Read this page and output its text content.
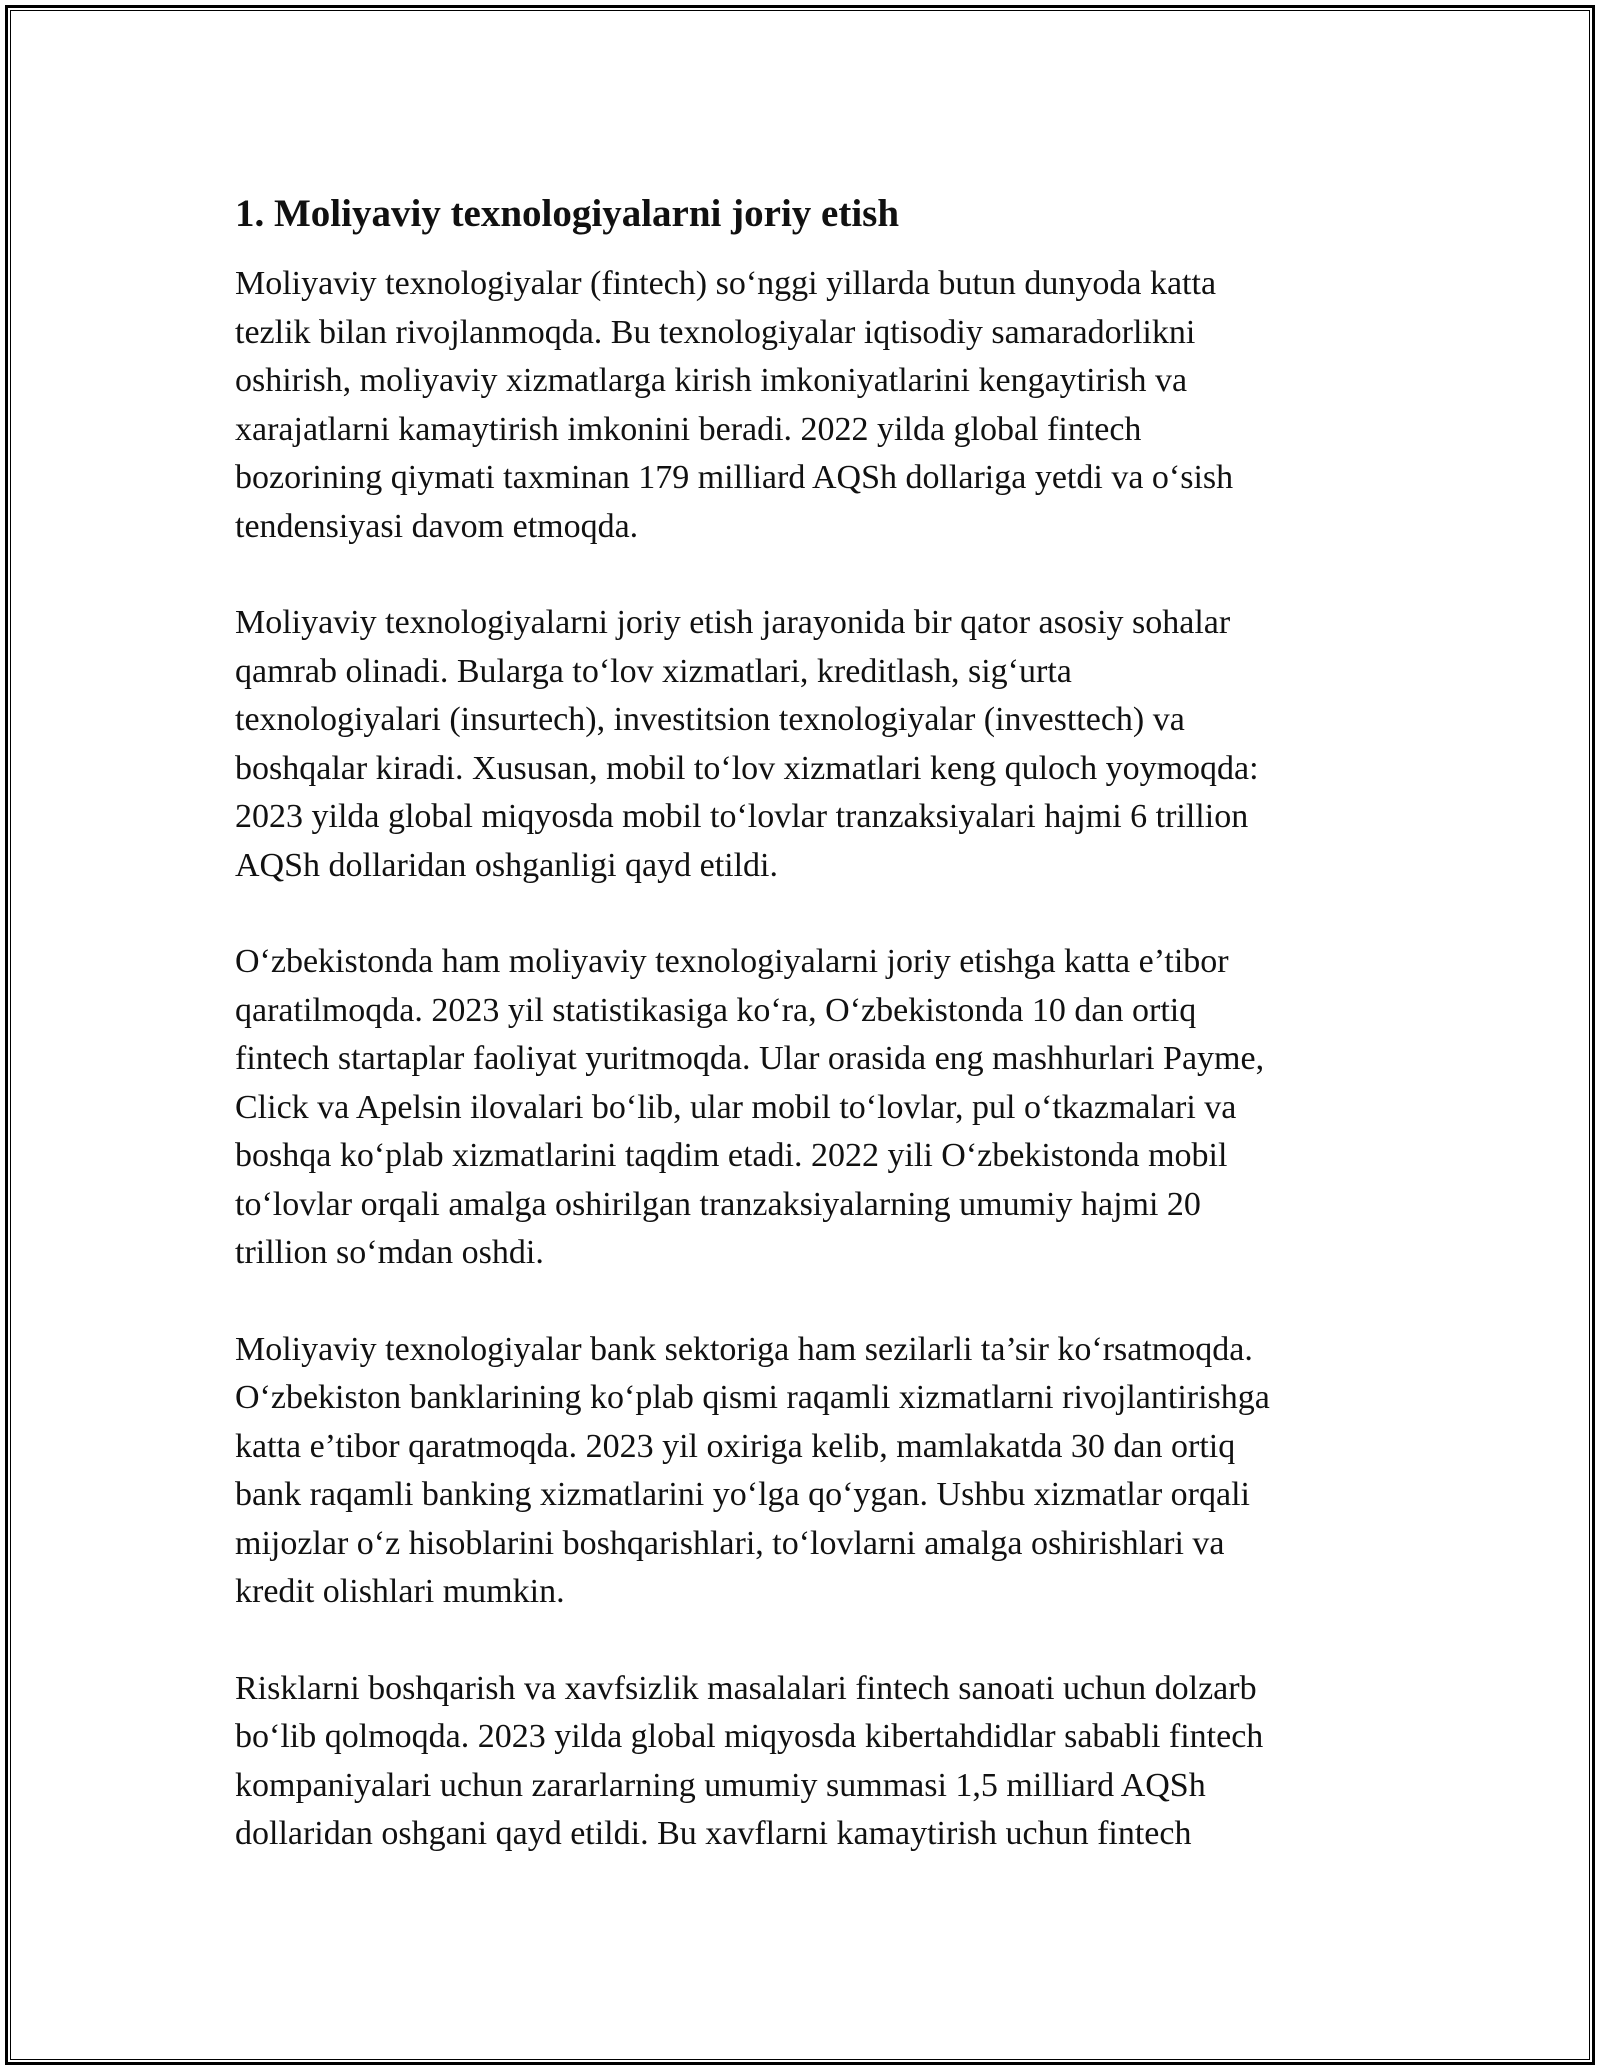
1. Moliyaviy texnologiyalarni joriy etish
Moliyaviy texnologiyalar (fintech) so‘nggi yillarda butun dunyoda katta
tezlik bilan rivojlanmoqda. Bu texnologiyalar iqtisodiy samaradorlikni
oshirish, moliyaviy xizmatlarga kirish imkoniyatlarini kengaytirish va
xarajatlarni kamaytirish imkonini beradi. 2022 yilda global fintech
bozorining qiymati taxminan 179 milliard AQSh dollariga yetdi va o‘sish
tendensiyasi davom etmoqda.
Moliyaviy texnologiyalarni joriy etish jarayonida bir qator asosiy sohalar
qamrab olinadi. Bularga to‘lov xizmatlari, kreditlash, sig‘urta
texnologiyalari (insurtech), investitsion texnologiyalar (investtech) va
boshqalar kiradi. Xususan, mobil to‘lov xizmatlari keng quloch yoymoqda:
2023 yilda global miqyosda mobil to‘lovlar tranzaksiyalari hajmi 6 trillion
AQSh dollaridan oshganligi qayd etildi.
O‘zbekistonda ham moliyaviy texnologiyalarni joriy etishga katta e’tibor
qaratilmoqda. 2023 yil statistikasiga ko‘ra, O‘zbekistonda 10 dan ortiq
fintech startaplar faoliyat yuritmoqda. Ular orasida eng mashhurlari Payme,
Click va Apelsin ilovalari bo‘lib, ular mobil to‘lovlar, pul o‘tkazmalari va
boshqa ko‘plab xizmatlarini taqdim etadi. 2022 yili O‘zbekistonda mobil
to‘lovlar orqali amalga oshirilgan tranzaksiyalarning umumiy hajmi 20
trillion so‘mdan oshdi.
Moliyaviy texnologiyalar bank sektoriga ham sezilarli ta’sir ko‘rsatmoqda.
O‘zbekiston banklarining ko‘plab qismi raqamli xizmatlarni rivojlantirishga
katta e’tibor qaratmoqda. 2023 yil oxiriga kelib, mamlakatda 30 dan ortiq
bank raqamli banking xizmatlarini yo‘lga qo‘ygan. Ushbu xizmatlar orqali
mijozlar o‘z hisoblarini boshqarishlari, to‘lovlarni amalga oshirishlari va
kredit olishlari mumkin.
Risklarni boshqarish va xavfsizlik masalalari fintech sanoati uchun dolzarb
bo‘lib qolmoqda. 2023 yilda global miqyosda kibertahdidlar sababli fintech
kompaniyalari uchun zararlarning umumiy summasi 1,5 milliard AQSh
dollaridan oshgani qayd etildi. Bu xavflarni kamaytirish uchun fintech
